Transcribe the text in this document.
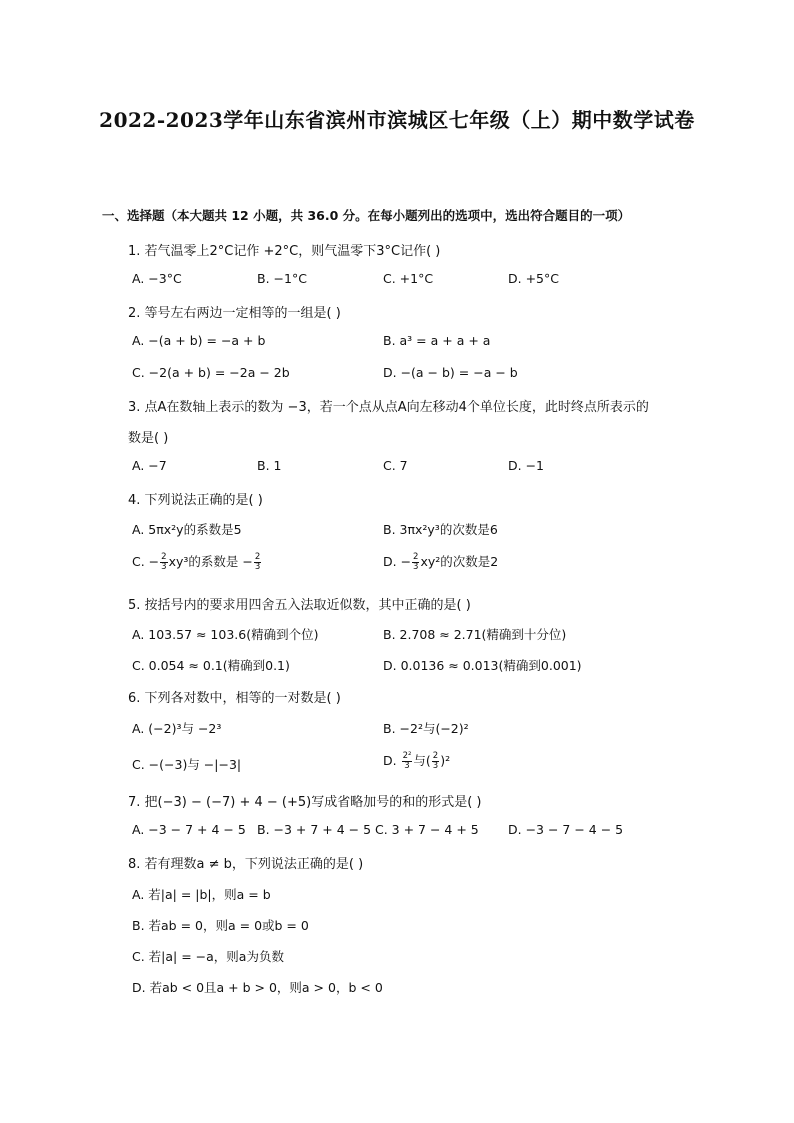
2022-2023学年山东省滨州市滨城区七年级（上）期中数学试卷
一、选择题（本大题共 12 小题，共 36.0 分。在每小题列出的选项中，选出符合题目的一项）
1. 若气温零上2°C记作 +2°C，则气温零下3°C记作( )
A. −3°C	B. −1°C	C. +1°C	D. +5°C
2. 等号左右两边一定相等的一组是( )
A. −(a + b) = −a + b	B. a³ = a + a + a
C. −2(a + b) = −2a − 2b	D. −(a − b) = −a − b
3. 点A在数轴上表示的数为 −3，若一个点从点A向左移动4个单位长度，此时终点所表示的
数是( )
A. −7	B. 1	C. 7	D. −1
4. 下列说法正确的是( )
A. 5πx²y的系数是5	B. 3πx²y³的次数是6
C. − $\frac{2}{3} xy^3$的系数是 − $\frac{2}{3}$	D. − $\frac{2}{3} xy^2$的次数是2
5. 按括号内的要求用四舍五入法取近似数，其中正确的是( )
A. 103.57 ≈ 103.6(精确到个位)	B. 2.708 ≈ 2.71(精确到十分位)
C. 0.054 ≈ 0.1(精确到0.1)	D. 0.0136 ≈ 0.013(精确到0.001)
6. 下列各对数中，相等的一对数是( )
A. (−2)³与 −2³	B. −2²与(−2)²
C. −(−3)与 −|−3|	D. $\frac{\text{2²}}{3}$ 与( $\frac{2}{3} )^2$
7. 把(−3) − (−7) + 4 − (+5)写成省略加号的和的形式是( )
A. −3 − 7 + 4 − 5 B. −3 + 7 + 4 − 5 C. 3 + 7 − 4 + 5 D. −3 − 7 − 4 − 5
8. 若有理数a ≠ b，下列说法正确的是( )
A. 若|a| = |b|，则a = b
B. 若ab = 0，则a = 0或b = 0
C. 若|a| = −a，则a为负数
D. 若ab < 0且a + b > 0，则a > 0，b < 0
